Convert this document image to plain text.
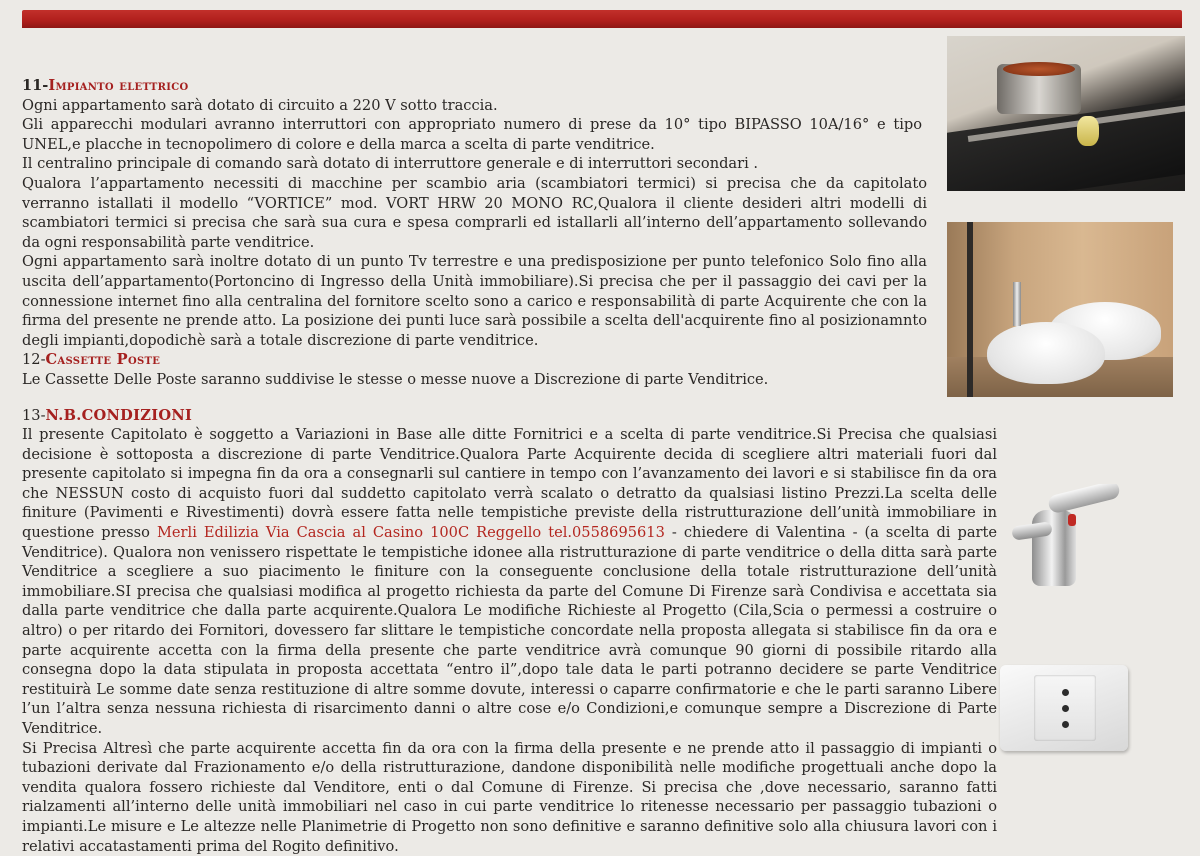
11-Impianto elettrico

Ogni appartamento sarà dotato di circuito a 220 V sotto traccia.

Gli apparecchi modulari avranno interruttori con appropriato numero di prese da 10° tipo BIPASSO 10A/16° e tipo UNEL,e placche in tecnopolimero di colore e della marca a scelta di parte venditrice.

Il centralino principale di comando sarà dotato di interruttore generale e di interruttori secondari .

Qualora l’appartamento necessiti di macchine per scambio aria (scambiatori termici) si precisa che da capitolato verranno istallati il modello “VORTICE” mod. VORT HRW 20 MONO RC,Qualora il cliente desideri altri modelli di scambiatori termici si precisa che sarà sua cura e spesa comprarli ed istallarli all’interno dell’appartamento sollevando da ogni responsabilità parte venditrice.

Ogni appartamento sarà inoltre dotato di un punto Tv terrestre e una predisposizione per punto telefonico Solo fino alla uscita dell’appartamento(Portoncino di Ingresso della Unità immobiliare).Si precisa che per il passaggio dei cavi per la connessione internet fino alla centralina del fornitore scelto sono a carico e responsabilità di parte Acquirente che con la firma del presente ne prende atto. La posizione dei punti luce sarà possibile a scelta dell'acquirente fino al posizionamnto degli impianti,dopodichè sarà a totale discrezione di parte venditrice.

12-Cassette Poste

Le Cassette Delle Poste saranno suddivise le stesse o messe nuove a Discrezione di parte Venditrice.

13-N.B.CONDIZIONI

Il presente Capitolato è soggetto a Variazioni in Base alle ditte Fornitrici e a scelta di parte venditrice.Si Precisa che qualsiasi decisione è sottoposta a discrezione di parte Venditrice.Qualora Parte Acquirente decida di scegliere altri materiali fuori dal presente capitolato si impegna fin da ora a consegnarli sul cantiere in tempo con l’avanzamento dei lavori e si stabilisce fin da ora che NESSUN costo di acquisto fuori dal suddetto capitolato verrà scalato o detratto da qualsiasi listino Prezzi.La scelta delle finiture (Pavimenti e Rivestimenti) dovrà essere fatta nelle tempistiche previste della ristrutturazione dell’unità immobiliare in questione presso Merli Edilizia Via Cascia al Casino 100C Reggello tel.0558695613 - chiedere di Valentina - (a scelta di parte Venditrice). Qualora non venissero rispettate le tempistiche idonee alla ristrutturazione di parte venditrice o della ditta sarà parte Venditrice a scegliere a suo piacimento le finiture con la conseguente conclusione della totale ristrutturazione dell’unità immobiliare.SI precisa che qualsiasi modifica al progetto richiesta da parte del Comune Di Firenze sarà Condivisa e accettata sia dalla parte venditrice che dalla parte acquirente.Qualora Le modifiche Richieste al Progetto (Cila,Scia o permessi a costruire o altro) o per ritardo dei Fornitori, dovessero far slittare le tempistiche concordate nella proposta allegata si stabilisce fin da ora e parte acquirente accetta con la firma della presente che parte venditrice avrà comunque 90 giorni di possibile ritardo alla consegna dopo la data stipulata in proposta accettata “entro il”,dopo tale data le parti potranno decidere se parte Venditrice restituirà Le somme date senza restituzione di altre somme dovute, interessi o caparre confirmatorie e che le parti saranno Libere l’un l’altra senza nessuna richiesta di risarcimento danni o altre cose e/o Condizioni,e comunque sempre a Discrezione di Parte Venditrice.

Si Precisa Altresì che parte acquirente accetta fin da ora con la firma della presente e ne prende atto il passaggio di impianti o tubazioni derivate dal Frazionamento e/o della ristrutturazione, dandone disponibilità nelle modifiche progettuali anche dopo la vendita qualora fossero richieste dal Venditore, enti o dal Comune di Firenze. Si precisa che ,dove necessario, saranno fatti rialzamenti all’interno delle unità immobiliari nel caso in cui parte venditrice lo ritenesse necessario per passaggio tubazioni o impianti.Le misure e Le altezze nelle Planimetrie di Progetto non sono definitive e saranno definitive solo alla chiusura lavori con i relativi accatastamenti prima del Rogito definitivo.
